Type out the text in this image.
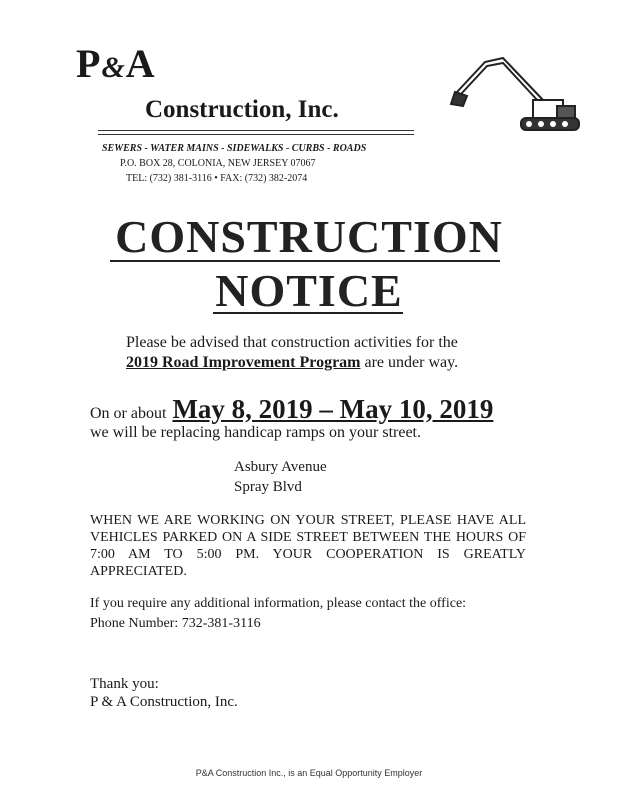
P&A
Construction, Inc.
SEWERS - WATER MAINS - SIDEWALKS - CURBS - ROADS
P.O. BOX 28, COLONIA, NEW JERSEY 07067
TEL: (732) 381-3116 • FAX: (732) 382-2074
CONSTRUCTION
NOTICE
Please be advised that construction activities for the
2019 Road Improvement Program are under way.
On or about May 8, 2019 – May 10, 2019
we will be replacing handicap ramps on your street.
Asbury Avenue
Spray Blvd
WHEN WE ARE WORKING ON YOUR STREET, PLEASE HAVE ALL VEHICLES PARKED ON A SIDE STREET BETWEEN THE HOURS OF 7:00 AM TO 5:00 PM. YOUR COOPERATION IS GREATLY APPRECIATED.
If you require any additional information, please contact the office:
Phone Number: 732-381-3116
Thank you:
P & A Construction, Inc.
P&A Construction Inc., is an Equal Opportunity Employer
